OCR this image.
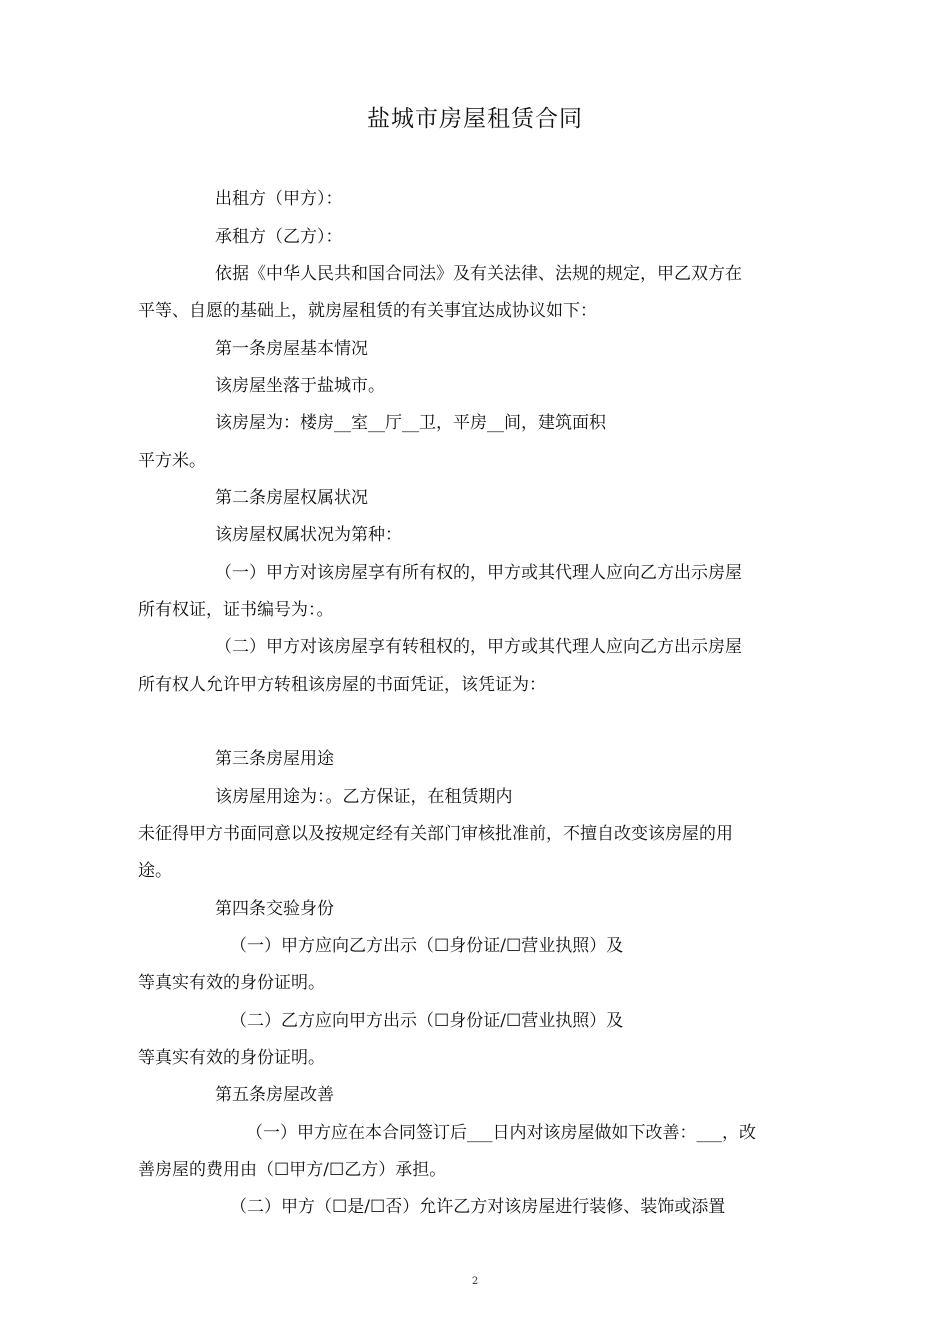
盐城市房屋租赁合同
出租方（甲方）：
承租方（乙方）：
依据《中华人民共和国合同法》及有关法律、法规的规定，甲乙双方在
平等、自愿的基础上，就房屋租赁的有关事宜达成协议如下：
第一条房屋基本情况
该房屋坐落于盐城市。
该房屋为：楼房__室__厅__卫，平房__间，建筑面积
平方米。
第二条房屋权属状况
该房屋权属状况为第种：
（一）甲方对该房屋享有所有权的，甲方或其代理人应向乙方出示房屋
所有权证，证书编号为：。
（二）甲方对该房屋享有转租权的，甲方或其代理人应向乙方出示房屋
所有权人允许甲方转租该房屋的书面凭证，该凭证为：
第三条房屋用途
该房屋用途为：。乙方保证，在租赁期内
未征得甲方书面同意以及按规定经有关部门审核批准前，不擅自改变该房屋的用
途。
第四条交验身份
（一）甲方应向乙方出示（☐身份证/☐营业执照）及
等真实有效的身份证明。
（二）乙方应向甲方出示（☐身份证/☐营业执照）及
等真实有效的身份证明。
第五条房屋改善
（一）甲方应在本合同签订后___日内对该房屋做如下改善：___，改
善房屋的费用由（☐甲方/☐乙方）承担。
（二）甲方（☐是/☐否）允许乙方对该房屋进行装修、装饰或添置
2
